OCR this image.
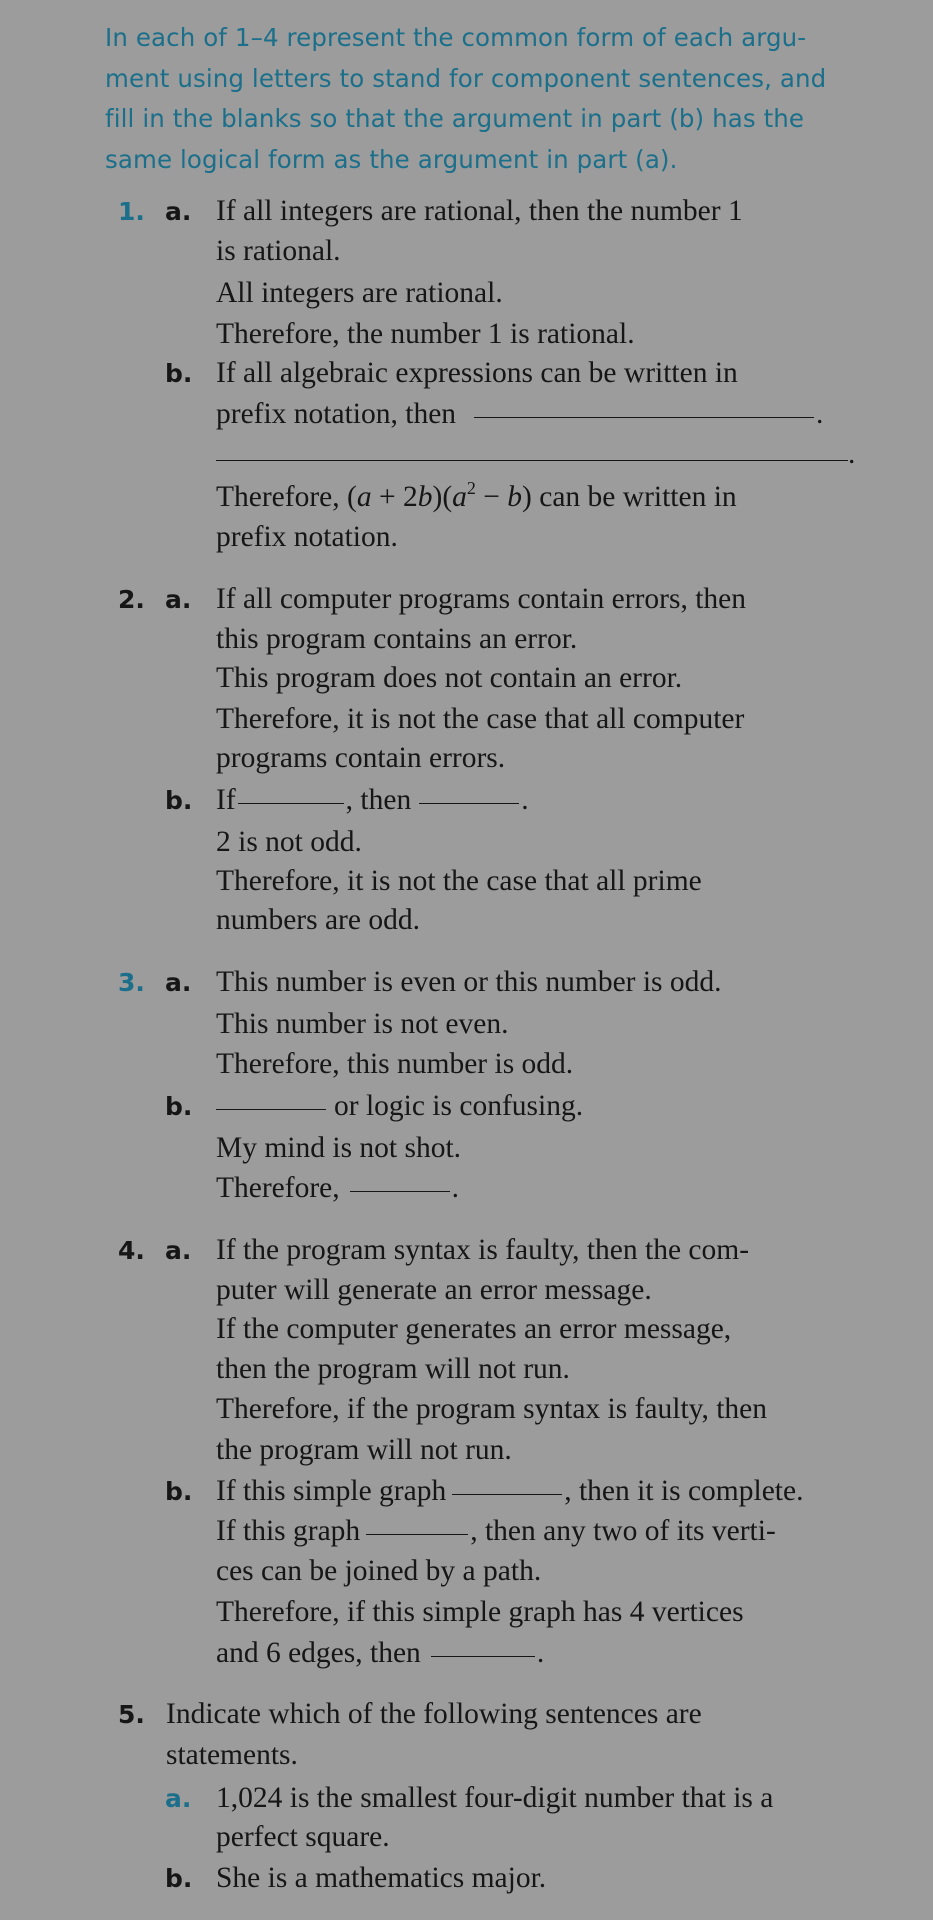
In each of 1–4 represent the common form of each argu-
ment using letters to stand for component sentences, and
fill in the blanks so that the argument in part (b) has the
same logical form as the argument in part (a).
1. a. If all integers are rational, then the number 1
is rational.
All integers are rational.
Therefore, the number 1 is rational.
b. If all algebraic expressions can be written in
prefix notation, then	.
.
Therefore, $(a + 2b)(a^2 - b)$ can be written in
prefix notation.
2. a. If all computer programs contain errors, then
this program contains an error.
This program does not contain an error.
Therefore, it is not the case that all computer
programs contain errors.
b. If	, then	.
2 is not odd.
Therefore, it is not the case that all prime
numbers are odd.
3. a. This number is even or this number is odd.
This number is not even.
Therefore, this number is odd.
b.	or logic is confusing.
My mind is not shot.
Therefore,	.
4. a. If the program syntax is faulty, then the com-
puter will generate an error message.
If the computer generates an error message,
then the program will not run.
Therefore, if the program syntax is faulty, then
the program will not run.
b. If this simple graph	, then it is complete.
If this graph	, then any two of its verti-
ces can be joined by a path.
Therefore, if this simple graph has 4 vertices
and 6 edges, then	.
5. Indicate which of the following sentences are
statements.
a. 1,024 is the smallest four-digit number that is a
perfect square.
b. She is a mathematics major.
